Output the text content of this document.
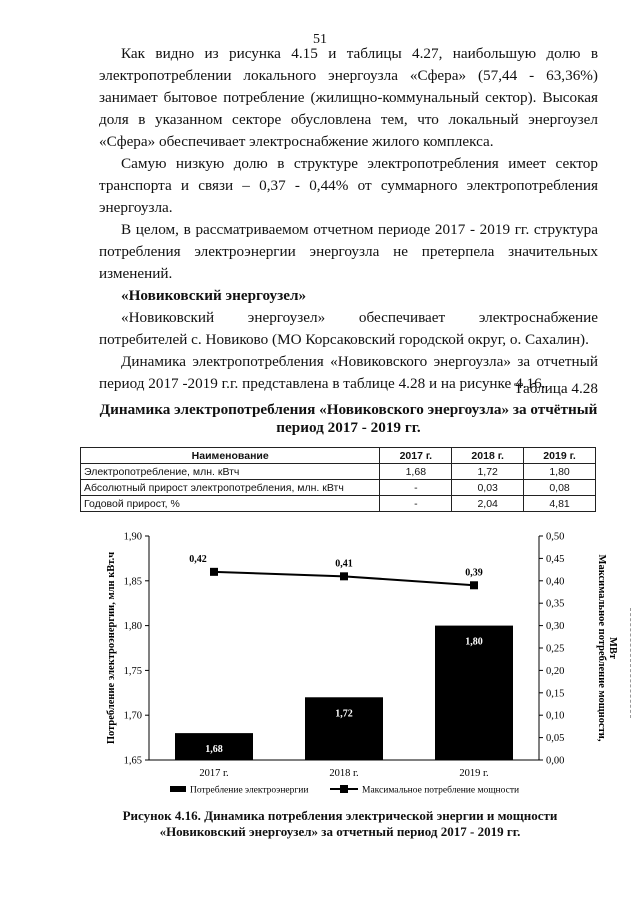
51

Как видно из рисунка 4.15 и таблицы 4.27, наибольшую долю в электропотреблении локального энергоузла «Сфера» (57,44 - 63,36%) занимает бытовое потребление (жилищно-коммунальный сектор). Высокая доля в указанном секторе обусловлена тем, что локальный энергоузел «Сфера» обеспечивает электроснабжение жилого комплекса.

Самую низкую долю в структуре электропотребления имеет сектор транспорта и связи – 0,37 - 0,44% от суммарного электропотребления энергоузла.

В целом, в рассматриваемом отчетном периоде 2017 - 2019 гг. структура потребления электроэнергии энергоузла не претерпела значительных изменений.

«Новиковский энергоузел»

«Новиковский энергоузел» обеспечивает электроснабжение потребителей с. Новиково (МО Корсаковский городской округ, о. Сахалин).

Динамика электропотребления «Новиковского энергоузла» за отчетный период 2017 -2019 г.г. представлена в таблице 4.28 и на рисунке 4.16.

Таблица 4.28
Динамика электропотребления «Новиковского энергоузла» за отчётный период 2017 - 2019 гг.
Наименование	2017 г.	2018 г.	2019 г.
Электропотребление, млн. кВтч	1,68	1,72	1,80
Абсолютный прирост электропотребления, млн. кВтч	-	0,03	0,08
Годовой прирост, %	-	2,04	4,81
1,65
1,70
1,75
1,80
1,85
1,90
0,00
0,05
0,10
0,15
0,20
0,25
0,30
0,35
0,40
0,45
0,50
Потребление электроэнергии, млн кВт.ч	Максимальное потребление мощности, МВт
1,68
1,72
1,80
2017 г.	2018 г.	2019 г.
0,42	0,41
0,39
Потребление электроэнергии	Максимальное потребление мощности
Рисунок 4.16. Динамика потребления электрической энергии и мощности «Новиковский энергоузел» за отчетный период 2017 - 2019 гг.
